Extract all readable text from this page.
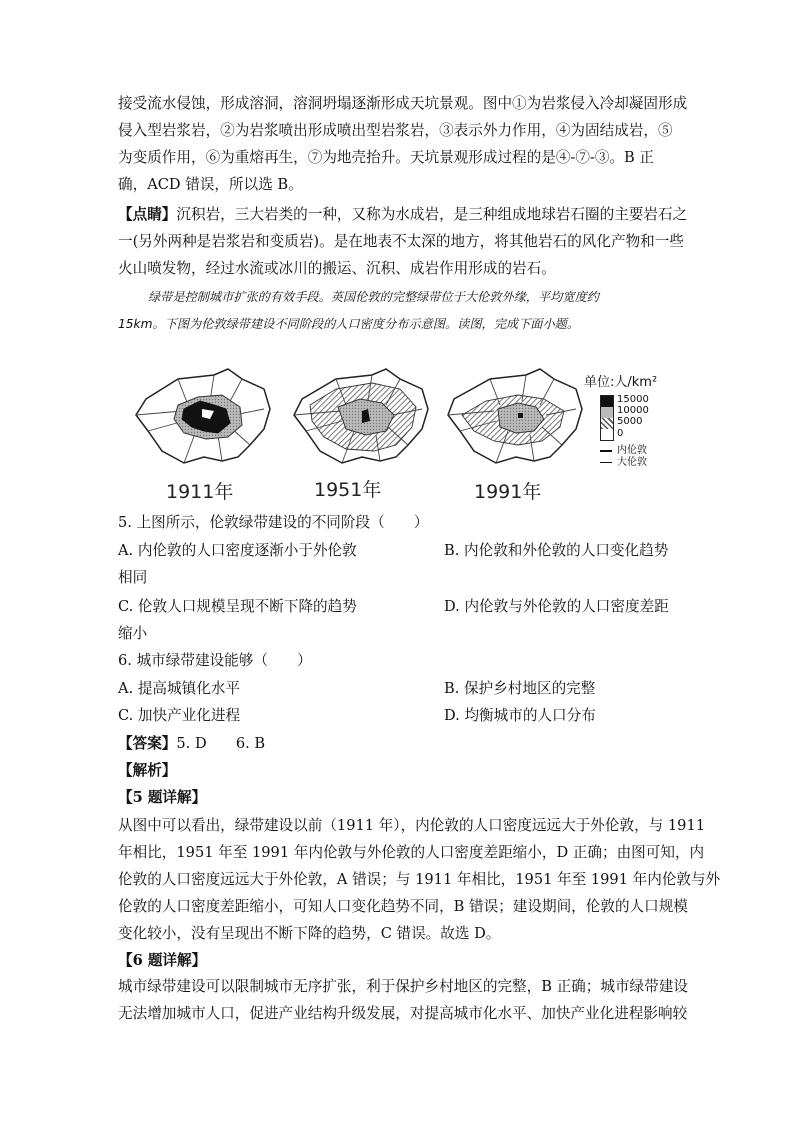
接受流水侵蚀，形成溶洞，溶洞坍塌逐渐形成天坑景观。图中①为岩浆侵入冷却凝固形成
侵入型岩浆岩，②为岩浆喷出形成喷出型岩浆岩，③表示外力作用，④为固结成岩，⑤
为变质作用，⑥为重熔再生，⑦为地壳抬升。天坑景观形成过程的是④-⑦-③。B 正
确，ACD 错误，所以选 B。
【点睛】沉积岩，三大岩类的一种，又称为水成岩，是三种组成地球岩石圈的主要岩石之
一(另外两种是岩浆岩和变质岩)。是在地表不太深的地方，将其他岩石的风化产物和一些
火山喷发物，经过水流或冰川的搬运、沉积、成岩作用形成的岩石。
绿带是控制城市扩张的有效手段。英国伦敦的完整绿带位于大伦敦外缘，平均宽度约
15km。下图为伦敦绿带建设不同阶段的人口密度分布示意图。读图，完成下面小题。
1911年	1951年	1991年
单位:人/km²
15000
10000
5000
0
内伦敦
大伦敦
5. 上图所示，伦敦绿带建设的不同阶段（　　）
A. 内伦敦的人口密度逐渐小于外伦敦	B. 内伦敦和外伦敦的人口变化趋势
相同
C. 伦敦人口规模呈现不断下降的趋势	D. 内伦敦与外伦敦的人口密度差距
缩小
6. 城市绿带建设能够（　　）
A. 提高城镇化水平	B. 保护乡村地区的完整
C. 加快产业化进程	D. 均衡城市的人口分布
【答案】5. D　　6. B
【解析】
【5 题详解】
从图中可以看出，绿带建设以前（1911 年），内伦敦的人口密度远远大于外伦敦，与 1911
年相比，1951 年至 1991 年内伦敦与外伦敦的人口密度差距缩小，D 正确；由图可知，内
伦敦的人口密度远远大于外伦敦，A 错误；与 1911 年相比，1951 年至 1991 年内伦敦与外
伦敦的人口密度差距缩小，可知人口变化趋势不同，B 错误；建设期间，伦敦的人口规模
变化较小，没有呈现出不断下降的趋势，C 错误。故选 D。
【6 题详解】
城市绿带建设可以限制城市无序扩张，利于保护乡村地区的完整，B 正确；城市绿带建设
无法增加城市人口，促进产业结构升级发展，对提高城市化水平、加快产业化进程影响较
